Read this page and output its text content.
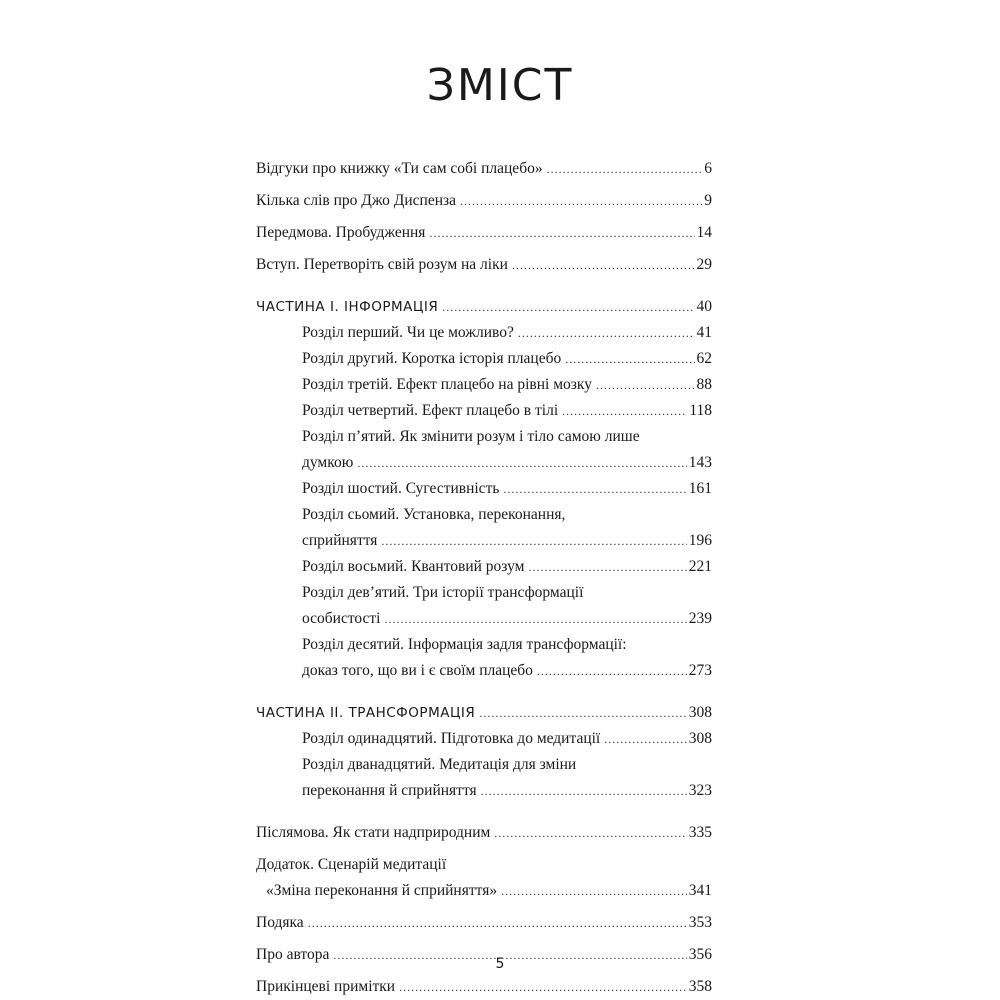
ЗМІСТ
Відгуки про книжку «Ти сам собі плацебо» .....	6
Кілька слів про Джо Диспенза .....	9
Передмова. Пробудження .....	14
Вступ. Перетворіть свій розум на ліки .....	29
ЧАСТИНА І. ІНФОРМАЦІЯ .....	40
Розділ перший. Чи це можливо? .....	41
Розділ другий. Коротка історія плацебо .....	62
Розділ третій. Ефект плацебо на рівні мозку .....	88
Розділ четвертий. Ефект плацебо в тілі .....	118
Розділ п’ятий. Як змінити розум і тіло самою лише
думкою .....	143
Розділ шостий. Сугестивність .....	161
Розділ сьомий. Установка, переконання,
сприйняття .....	196
Розділ восьмий. Квантовий розум .....	221
Розділ дев’ятий. Три історії трансформації
особистості .....	239
Розділ десятий. Інформація задля трансформації:
доказ того, що ви і є своїм плацебо .....	273
ЧАСТИНА ІІ. ТРАНСФОРМАЦІЯ .....	308
Розділ одинадцятий. Підготовка до медитації .....	308
Розділ дванадцятий. Медитація для зміни
переконання й сприйняття .....	323
Післямова. Як стати надприродним .....	335
Додаток. Сценарій медитації
«Зміна переконання й сприйняття» .....	341
Подяка .....	353
Про автора .....	356
Прикінцеві примітки .....	358
5
